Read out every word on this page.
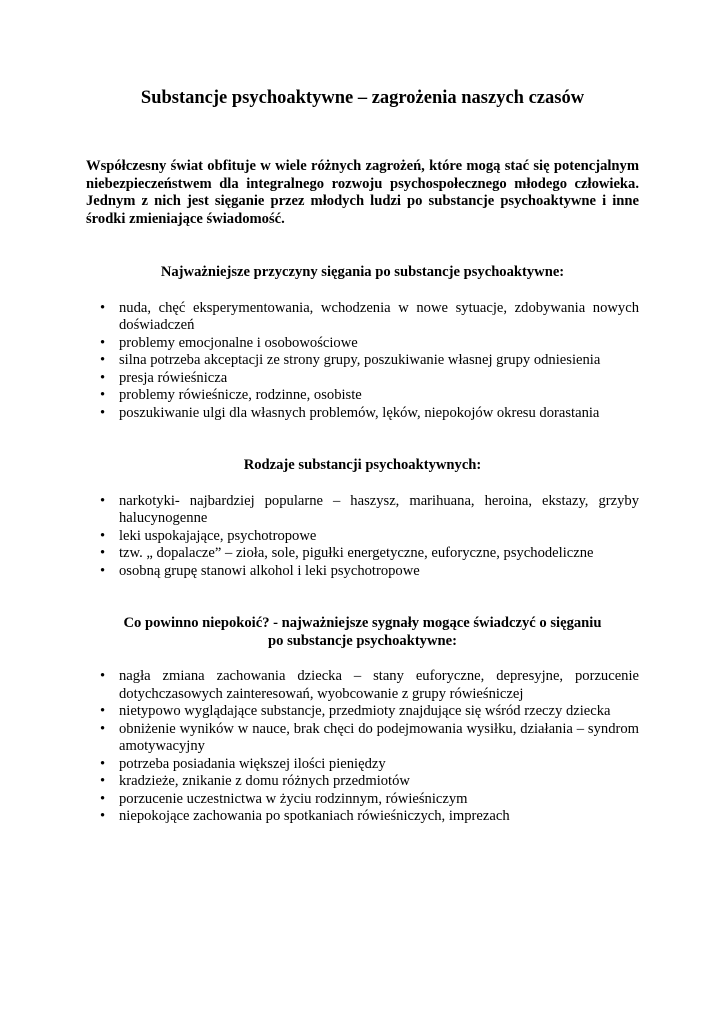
Substancje psychoaktywne – zagrożenia naszych czasów

Współczesny świat obfituje w wiele różnych zagrożeń, które mogą stać się potencjalnym niebezpieczeństwem dla integralnego rozwoju psychospołecznego młodego człowieka. Jednym z nich jest sięganie przez młodych ludzi po substancje psychoaktywne i inne środki zmieniające świadomość.

Najważniejsze przyczyny sięgania po substancje psychoaktywne:

• nuda, chęć eksperymentowania, wchodzenia w nowe sytuacje, zdobywania nowych doświadczeń
• problemy emocjonalne i osobowościowe
• silna potrzeba akceptacji ze strony grupy, poszukiwanie własnej grupy odniesienia
• presja rówieśnicza
• problemy rówieśnicze, rodzinne, osobiste
• poszukiwanie ulgi dla własnych problemów, lęków, niepokojów okresu dorastania

Rodzaje substancji psychoaktywnych:

• narkotyki- najbardziej popularne – haszysz, marihuana, heroina, ekstazy, grzyby halucynogenne
• leki uspokajające, psychotropowe
• tzw. „ dopalacze” – zioła, sole, pigułki energetyczne, euforyczne, psychodeliczne
• osobną grupę stanowi alkohol i leki psychotropowe

Co powinno niepokoić? - najważniejsze sygnały mogące świadczyć o sięganiu
po substancje psychoaktywne:

• nagła zmiana zachowania dziecka – stany euforyczne, depresyjne, porzucenie dotychczasowych zainteresowań, wyobcowanie z grupy rówieśniczej
• nietypowo wyglądające substancje, przedmioty znajdujące się wśród rzeczy dziecka
• obniżenie wyników w nauce, brak chęci do podejmowania wysiłku, działania – syndrom amotywacyjny
• potrzeba posiadania większej ilości pieniędzy
• kradzieże, znikanie z domu różnych przedmiotów
• porzucenie uczestnictwa w życiu rodzinnym, rówieśniczym
• niepokojące zachowania po spotkaniach rówieśniczych, imprezach
